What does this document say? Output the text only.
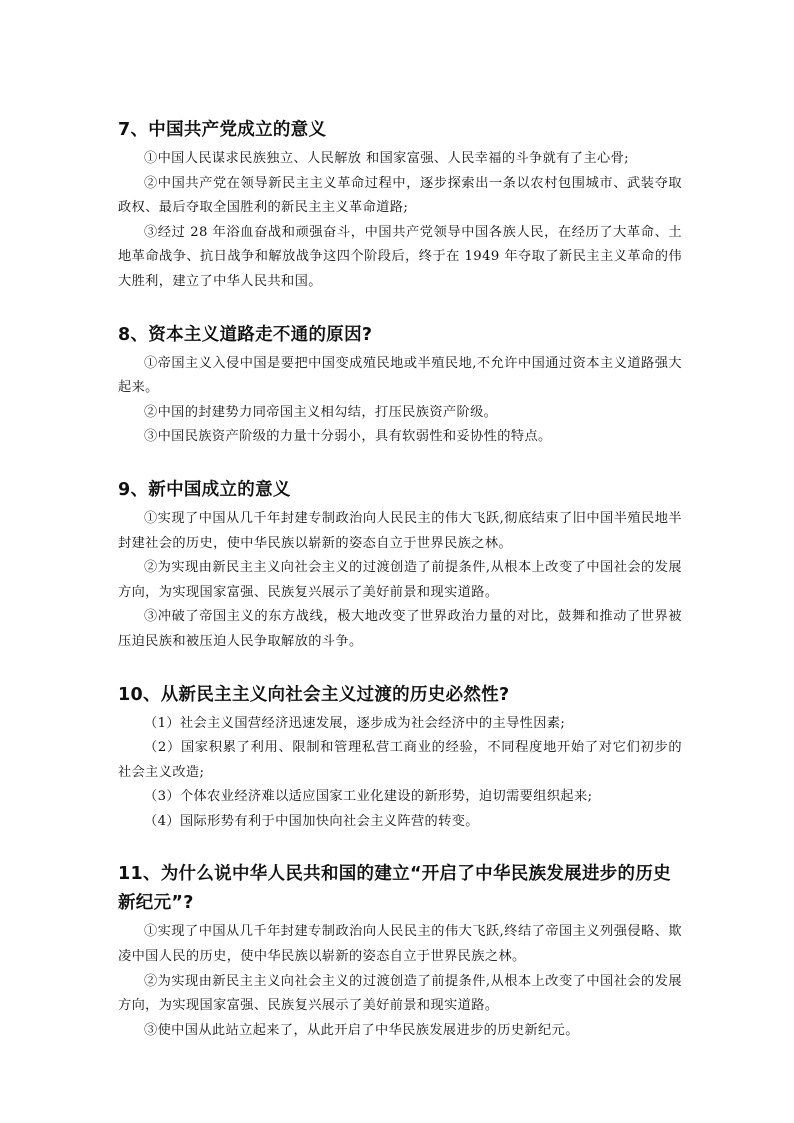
7、中国共产党成立的意义

①中国人民谋求民族独立、人民解放 和国家富强、人民幸福的斗争就有了主心骨;

②中国共产党在领导新民主主义革命过程中，逐步探索出一条以农村包围城市、武装夺取政权、最后夺取全国胜利的新民主主义革命道路;

③经过 28 年浴血奋战和顽强奋斗，中国共产党领导中国各族人民，在经历了大革命、土地革命战争、抗日战争和解放战争这四个阶段后，终于在 1949 年夺取了新民主主义革命的伟大胜利，建立了中华人民共和国。

8、资本主义道路走不通的原因?

①帝国主义入侵中国是要把中国变成殖民地或半殖民地,不允许中国通过资本主义道路强大起来。

②中国的封建势力同帝国主义相勾结，打压民族资产阶级。

③中国民族资产阶级的力量十分弱小，具有软弱性和妥协性的特点。

9、新中国成立的意义

①实现了中国从几千年封建专制政治向人民民主的伟大飞跃,彻底结束了旧中国半殖民地半封建社会的历史，使中华民族以崭新的姿态自立于世界民族之林。

②为实现由新民主主义向社会主义的过渡创造了前提条件,从根本上改变了中国社会的发展方向，为实现国家富强、民族复兴展示了美好前景和现实道路。

③冲破了帝国主义的东方战线，极大地改变了世界政治力量的对比，鼓舞和推动了世界被压迫民族和被压迫人民争取解放的斗争。

10、从新民主主义向社会主义过渡的历史必然性?

（1）社会主义国营经济迅速发展，逐步成为社会经济中的主导性因素;

（2）国家积累了利用、限制和管理私营工商业的经验，不同程度地开始了对它们初步的社会主义改造;

（3）个体农业经济难以适应国家工业化建设的新形势，迫切需要组织起来;

（4）国际形势有利于中国加快向社会主义阵营的转变。

11、为什么说中华人民共和国的建立“开启了中华民族发展进步的历史新纪元”?

①实现了中国从几千年封建专制政治向人民民主的伟大飞跃,终结了帝国主义列强侵略、欺凌中国人民的历史，使中华民族以崭新的姿态自立于世界民族之林。

②为实现由新民主主义向社会主义的过渡创造了前提条件,从根本上改变了中国社会的发展方向，为实现国家富强、民族复兴展示了美好前景和现实道路。

③使中国从此站立起来了，从此开启了中华民族发展进步的历史新纪元。
